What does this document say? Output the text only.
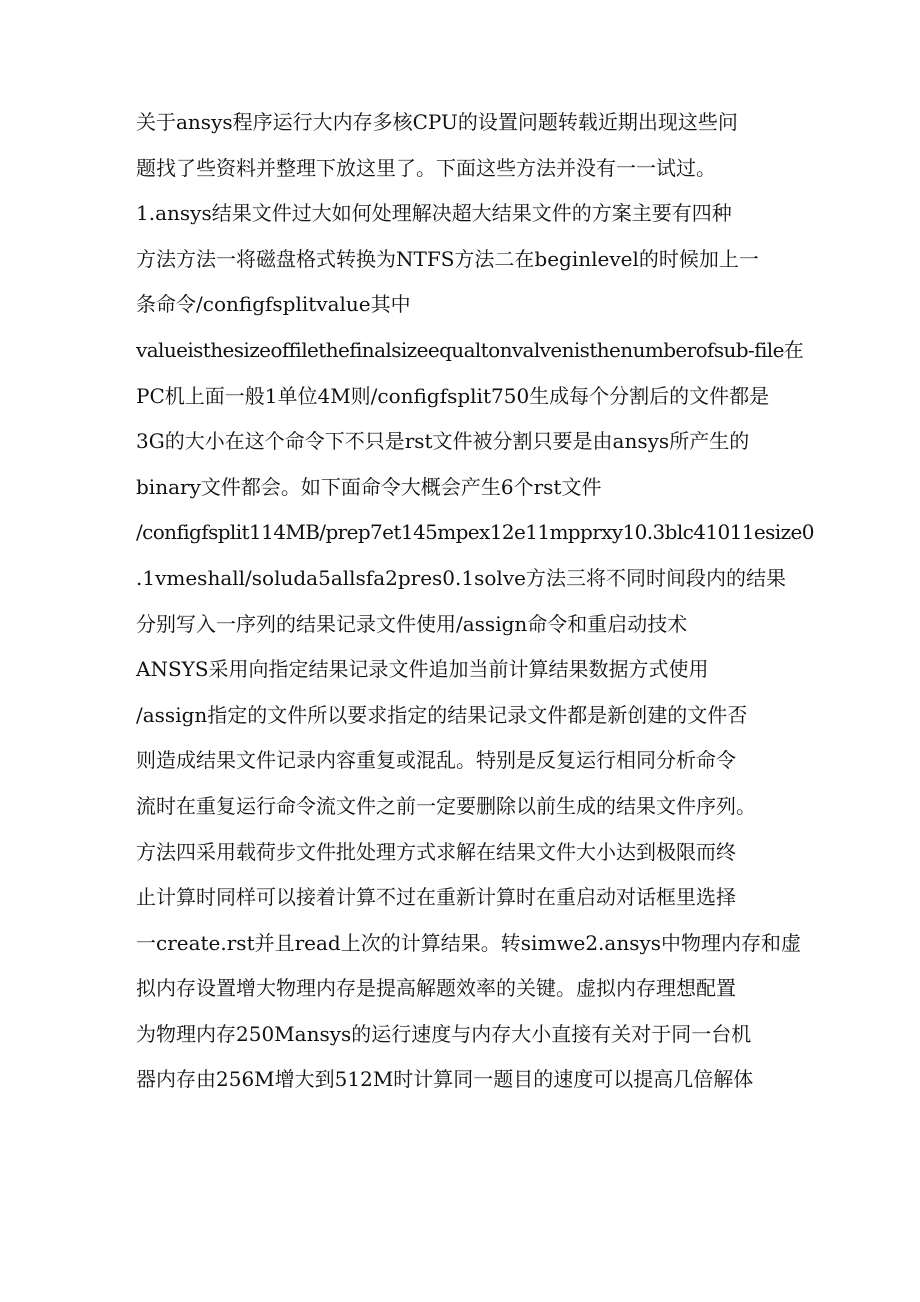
关于ansys程序运行大内存多核CPU的设置问题转载近期出现这些问
题找了些资料并整理下放这里了。下面这些方法并没有一一试过。
1.ansys结果文件过大如何处理解决超大结果文件的方案主要有四种
方法方法一将磁盘格式转换为NTFS方法二在beginlevel的时候加上一
条命令/configfsplitvalue其中
valueisthesizeoffilethefinalsizeequaltonvalvenisthenumberofsub-file在
PC机上面一般1单位4M则/configfsplit750生成每个分割后的文件都是
3G的大小在这个命令下不只是rst文件被分割只要是由ansys所产生的
binary文件都会。如下面命令大概会产生6个rst文件
/configfsplit114MB/prep7et145mpex12e11mpprxy10.3blc41011esize0
.1vmeshall/soluda5allsfa2pres0.1solve方法三将不同时间段内的结果
分别写入一序列的结果记录文件使用/assign命令和重启动技术
ANSYS采用向指定结果记录文件追加当前计算结果数据方式使用
/assign指定的文件所以要求指定的结果记录文件都是新创建的文件否
则造成结果文件记录内容重复或混乱。特别是反复运行相同分析命令
流时在重复运行命令流文件之前一定要删除以前生成的结果文件序列。
方法四采用载荷步文件批处理方式求解在结果文件大小达到极限而终
止计算时同样可以接着计算不过在重新计算时在重启动对话框里选择
一create.rst并且read上次的计算结果。转simwe2.ansys中物理内存和虚
拟内存设置增大物理内存是提高解题效率的关键。虚拟内存理想配置
为物理内存250Mansys的运行速度与内存大小直接有关对于同一台机
器内存由256M增大到512M时计算同一题目的速度可以提高几倍解体
